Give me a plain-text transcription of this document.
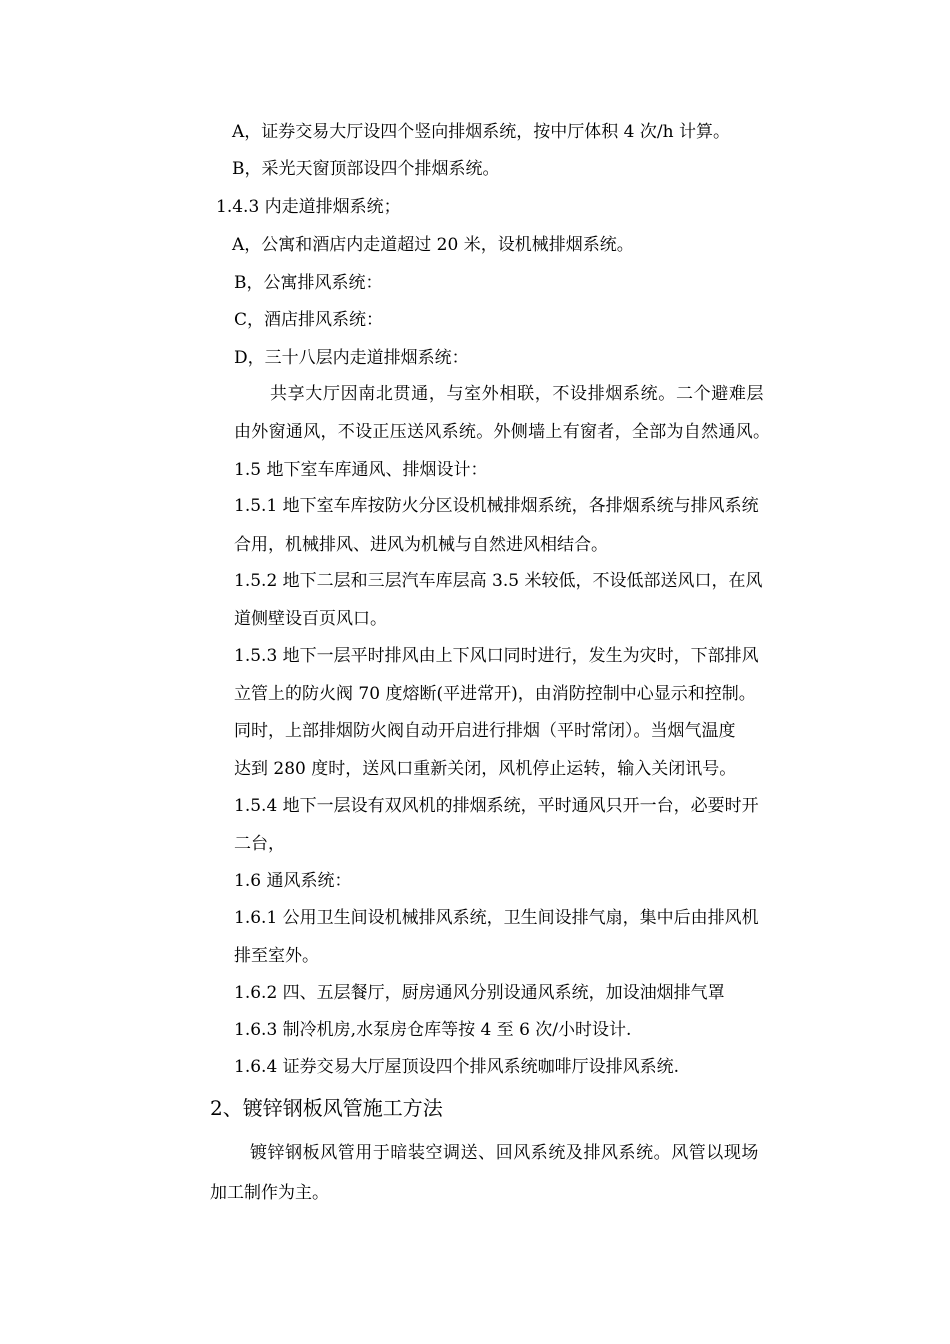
A，证券交易大厅设四个竖向排烟系统，按中厅体积 4 次/h 计算。
B，采光天窗顶部设四个排烟系统。
1.4.3 内走道排烟系统；
A，公寓和酒店内走道超过 20 米，设机械排烟系统。
B，公寓排风系统：
C，酒店排风系统：
D，三十八层内走道排烟系统：
共享大厅因南北贯通，与室外相联，不设排烟系统。二个避难层
由外窗通风，不设正压送风系统。外侧墙上有窗者，全部为自然通风。
1.5 地下室车库通风、排烟设计：
1.5.1 地下室车库按防火分区设机械排烟系统，各排烟系统与排风系统
合用，机械排风、进风为机械与自然进风相结合。
1.5.2 地下二层和三层汽车库层高 3.5 米较低，不设低部送风口，在风
道侧壁设百页风口。
1.5.3 地下一层平时排风由上下风口同时进行，发生为灾时，下部排风
立管上的防火阀 70 度熔断(平进常开)，由消防控制中心显示和控制。
同时，上部排烟防火阀自动开启进行排烟（平时常闭）。当烟气温度
达到 280 度时，送风口重新关闭，风机停止运转，输入关闭讯号。
1.5.4 地下一层设有双风机的排烟系统，平时通风只开一台，必要时开
二台，
1.6 通风系统：
1.6.1 公用卫生间设机械排风系统，卫生间设排气扇，集中后由排风机
排至室外。
1.6.2 四、五层餐厅，厨房通风分别设通风系统，加设油烟排气罩
1.6.3 制冷机房,水泵房仓库等按 4 至 6 次/小时设计.
1.6.4 证券交易大厅屋顶设四个排风系统咖啡厅设排风系统.
2、镀锌钢板风管施工方法
镀锌钢板风管用于暗装空调送、回风系统及排风系统。风管以现场
加工制作为主。
